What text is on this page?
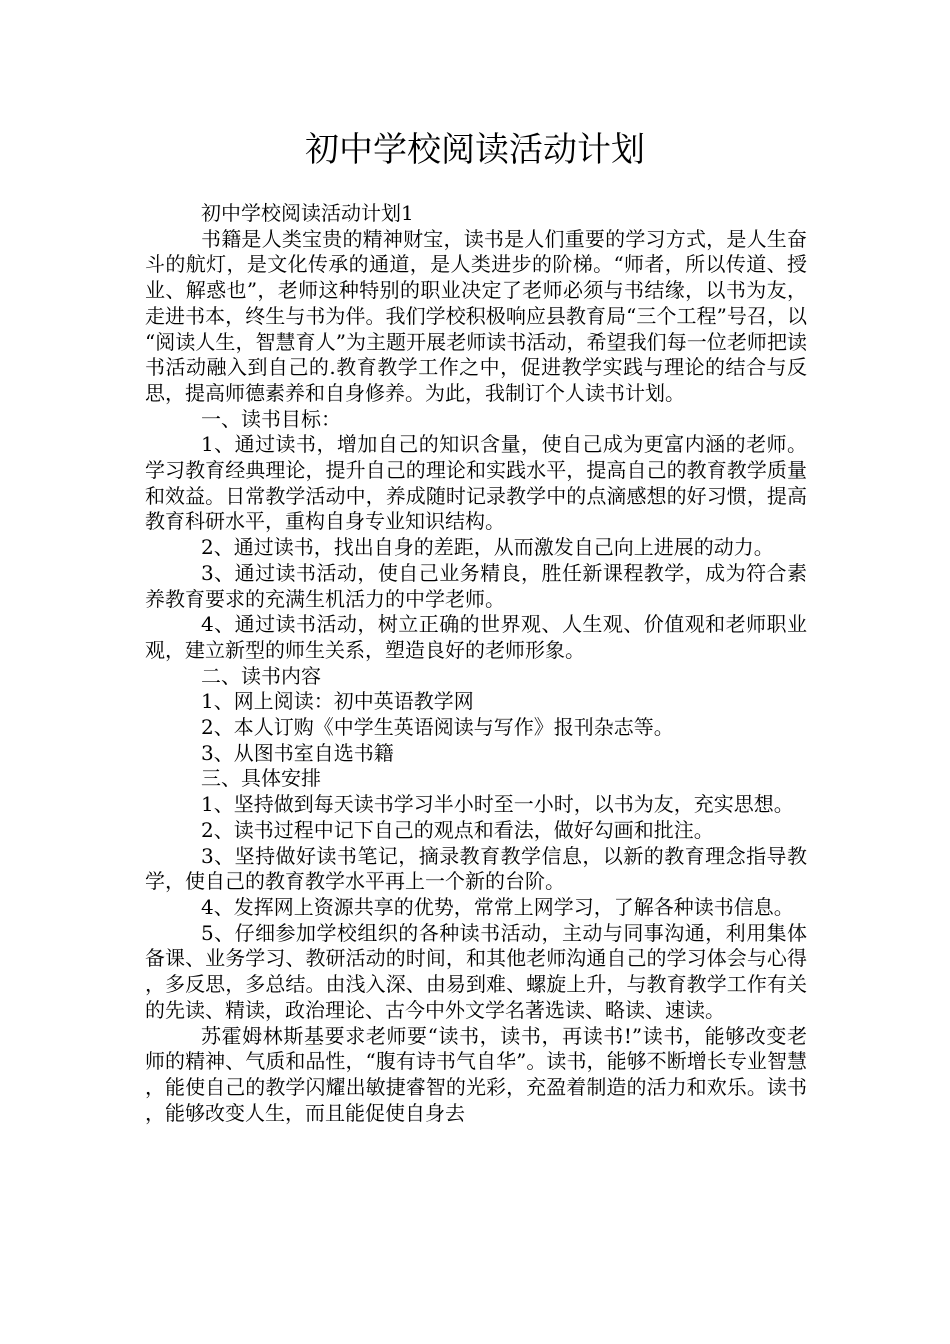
初中学校阅读活动计划

初中学校阅读活动计划1

书籍是人类宝贵的精神财宝，读书是人们重要的学习方式，是人生奋斗的航灯，是文化传承的通道，是人类进步的阶梯。“师者，所以传道、授业、解惑也”，老师这种特别的职业决定了老师必须与书结缘，以书为友，走进书本，终生与书为伴。我们学校积极响应县教育局“三个工程”号召，以“阅读人生，智慧育人”为主题开展老师读书活动，希望我们每一位老师把读书活动融入到自己的.教育教学工作之中，促进教学实践与理论的结合与反思，提高师德素养和自身修养。为此，我制订个人读书计划。

一、读书目标：

1、通过读书，增加自己的知识含量，使自己成为更富内涵的老师。学习教育经典理论，提升自己的理论和实践水平，提高自己的教育教学质量和效益。日常教学活动中，养成随时记录教学中的点滴感想的好习惯，提高教育科研水平，重构自身专业知识结构。

2、通过读书，找出自身的差距，从而激发自己向上进展的动力。

3、通过读书活动，使自己业务精良，胜任新课程教学，成为符合素养教育要求的充满生机活力的中学老师。

4、通过读书活动，树立正确的世界观、人生观、价值观和老师职业观，建立新型的师生关系，塑造良好的老师形象。

二、读书内容

1、网上阅读：初中英语教学网

2、本人订购《中学生英语阅读与写作》报刊杂志等。

3、从图书室自选书籍

三、具体安排

1、坚持做到每天读书学习半小时至一小时，以书为友，充实思想。

2、读书过程中记下自己的观点和看法，做好勾画和批注。

3、坚持做好读书笔记，摘录教育教学信息，以新的教育理念指导教学，使自己的教育教学水平再上一个新的台阶。

4、发挥网上资源共享的优势，常常上网学习，了解各种读书信息。

5、仔细参加学校组织的各种读书活动，主动与同事沟通，利用集体备课、业务学习、教研活动的时间，和其他老师沟通自己的学习体会与心得，多反思，多总结。由浅入深、由易到难、螺旋上升，与教育教学工作有关的先读、精读，政治理论、古今中外文学名著选读、略读、速读。

苏霍姆林斯基要求老师要“读书，读书，再读书!”读书，能够改变老师的精神、气质和品性，“腹有诗书气自华”。读书，能够不断增长专业智慧，能使自己的教学闪耀出敏捷睿智的光彩，充盈着制造的活力和欢乐。读书，能够改变人生，而且能促使自身去
